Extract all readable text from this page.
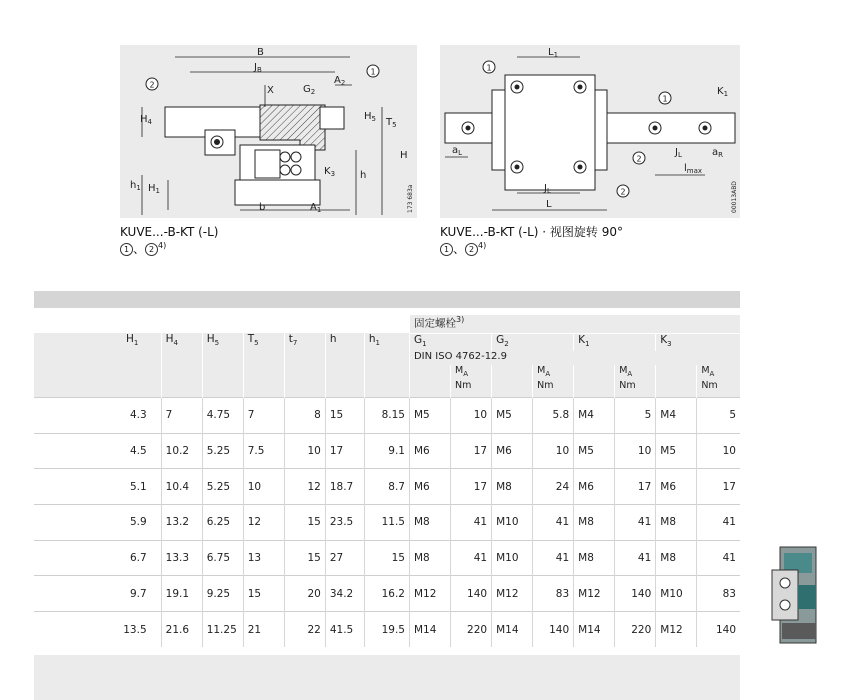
B
$J_B$
$A_2$
X	$G_2$
$H_4$	$H_5$ $T_5$
H
h
$h_1$ $H_1$
$K_3$
b	$A_1$
1
2
173 683a
$L_1$
$K_1$
$a_L$	$J_L$
$J_L$
$a_R$
$l_{max}$
L
1
1
2
2	00013ABD
KUVE...-B-KT (-L)
1 、 2 $^{4)}$
KUVE...-B-KT (-L) · 视图旋转 90°
1 、 2 $^{4)}$
							固定螺栓$^{3)}$
$H_1$	$H_4$	$H_5$	$T_5$	$t_7$	h	$h_1$	$G_1$		$G_2$		$K_1$		$K_3$
							DIN ISO 4762-12.9							
								$M_A$
Nm		$M_A$
Nm		$M_A$
Nm		$M_A$
Nm
4.3	7	4.75	7	8	15	8.15	M5	10	M5	5.8	M4	5	M4	5
4.5	10.2	5.25	7.5	10	17	9.1	M6	17	M6	10	M5	10	M5	10
5.1	10.4	5.25	10	12	18.7	8.7	M6	17	M8	24	M6	17	M6	17
5.9	13.2	6.25	12	15	23.5	11.5	M8	41	M10	41	M8	41	M8	41
6.7	13.3	6.75	13	15	27	15	M8	41	M10	41	M8	41	M8	41
9.7	19.1	9.25	15	20	34.2	16.2	M12	140	M12	83	M12	140	M10	83
13.5	21.6	11.25	21	22	41.5	19.5	M14	220	M14	140	M14	220	M12	140
